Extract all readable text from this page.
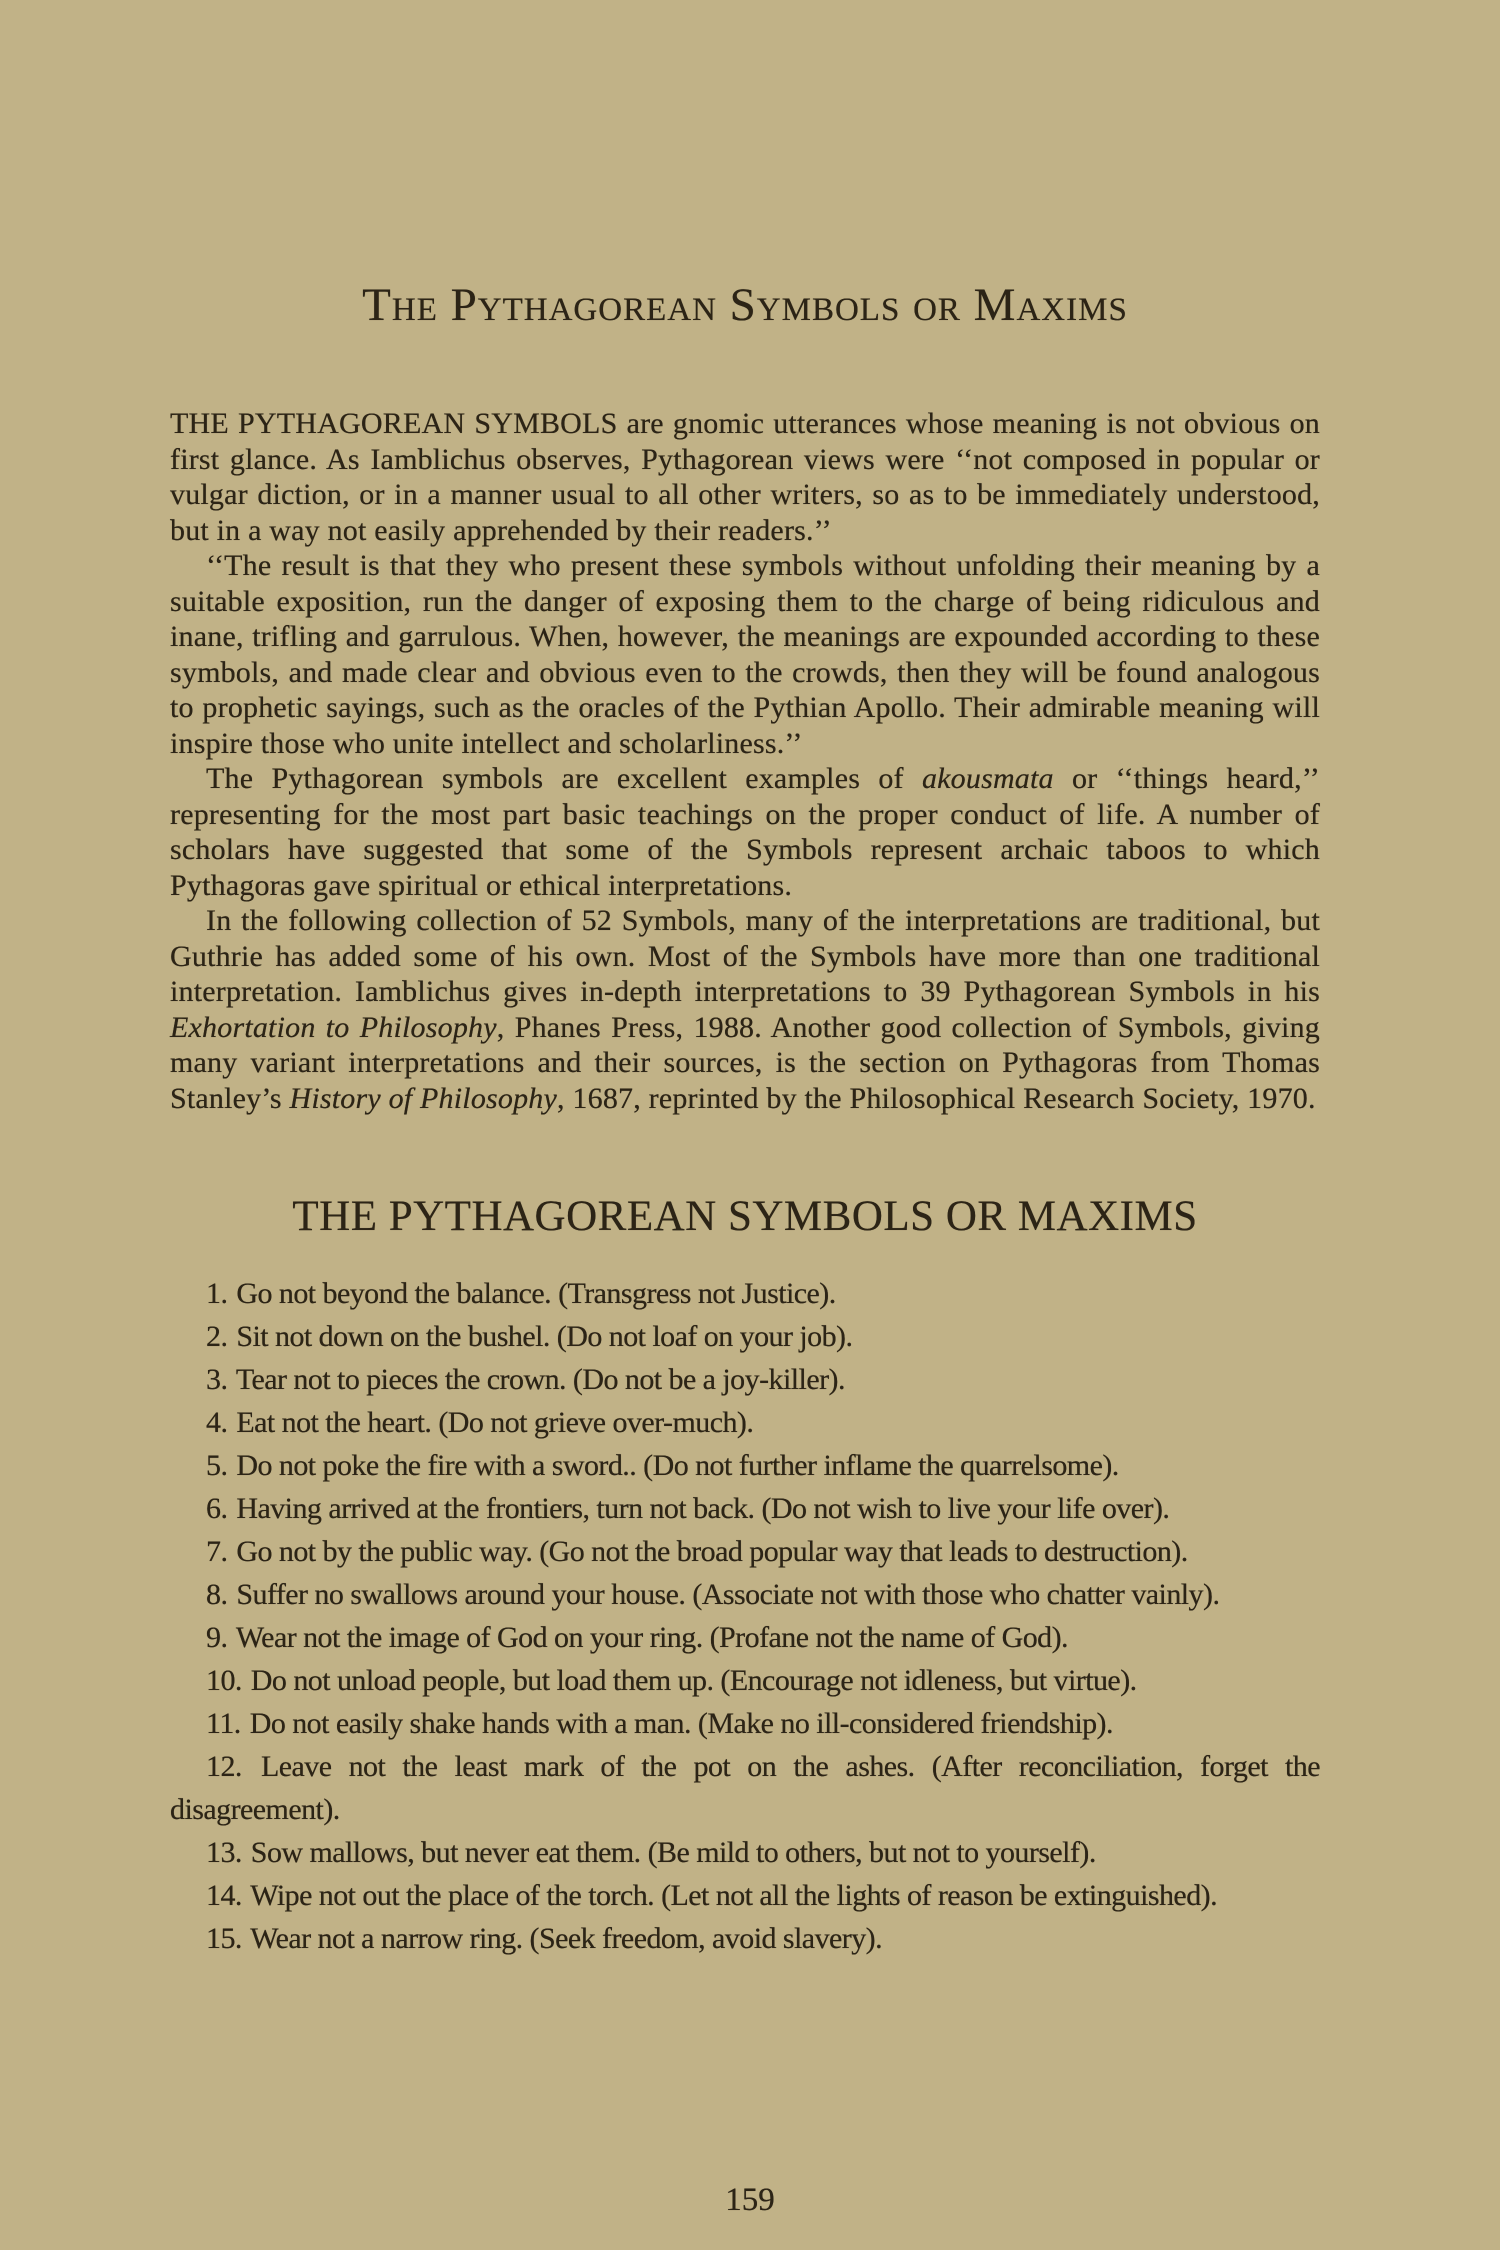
The Pythagorean Symbols or Maxims

THE PYTHAGOREAN SYMBOLS are gnomic utterances whose meaning is not obvious on first glance. As Iamblichus observes, Pythagorean views were ‘‘not composed in popular or vulgar diction, or in a manner usual to all other writers, so as to be immediately understood, but in a way not easily apprehended by their readers.’’

‘‘The result is that they who present these symbols without unfolding their meaning by a suitable exposition, run the danger of exposing them to the charge of being ridiculous and inane, trifling and garrulous. When, however, the meanings are expounded according to these symbols, and made clear and obvious even to the crowds, then they will be found analogous to prophetic sayings, such as the oracles of the Pythian Apollo. Their admirable meaning will inspire those who unite intellect and scholarliness.’’

The Pythagorean symbols are excellent examples of akousmata or ‘‘things heard,’’ representing for the most part basic teachings on the proper conduct of life. A number of scholars have suggested that some of the Symbols represent archaic taboos to which Pythagoras gave spiritual or ethical interpretations.

In the following collection of 52 Symbols, many of the interpretations are traditional, but Guthrie has added some of his own. Most of the Symbols have more than one traditional interpretation. Iamblichus gives in-depth interpretations to 39 Pythagorean Symbols in his Exhortation to Philosophy, Phanes Press, 1988. Another good collection of Symbols, giving many variant interpretations and their sources, is the section on Pythagoras from Thomas Stanley’s History of Philosophy, 1687, reprinted by the Philosophical Research Society, 1970.

THE PYTHAGOREAN SYMBOLS OR MAXIMS

1. Go not beyond the balance. (Transgress not Justice).

2. Sit not down on the bushel. (Do not loaf on your job).

3. Tear not to pieces the crown. (Do not be a joy-killer).

4. Eat not the heart. (Do not grieve over-much).

5. Do not poke the fire with a sword.. (Do not further inflame the quarrelsome).

6. Having arrived at the frontiers, turn not back. (Do not wish to live your life over).

7. Go not by the public way. (Go not the broad popular way that leads to destruction).

8. Suffer no swallows around your house. (Associate not with those who chatter vainly).

9. Wear not the image of God on your ring. (Profane not the name of God).

10. Do not unload people, but load them up. (Encourage not idleness, but virtue).

11. Do not easily shake hands with a man. (Make no ill-considered friendship).

12. Leave not the least mark of the pot on the ashes. (After reconciliation, forget the disagreement).

13. Sow mallows, but never eat them. (Be mild to others, but not to yourself).

14. Wipe not out the place of the torch. (Let not all the lights of reason be extinguished).

15. Wear not a narrow ring. (Seek freedom, avoid slavery).

159
